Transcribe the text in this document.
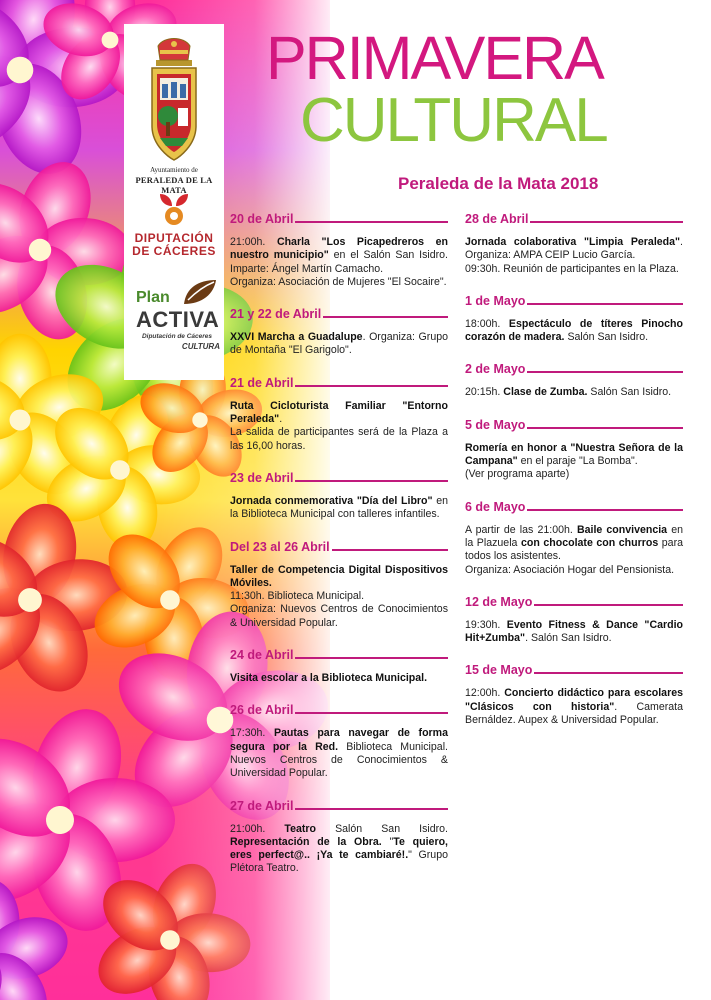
Ayuntamiento de
PERALEDA DE LA MATA
DIPUTACIÓN
DE CÁCERES
Plan
ACTIVA
Diputación de Cáceres
CULTURA
PRIMAVERA
CULTURAL
Peraleda de la Mata 2018
20 de Abril

21:00h. Charla "Los Picapedreros en nuestro municipio" en el Salón San Isidro. Imparte: Ángel Martín Camacho.

Organiza: Asociación de Mujeres "El Socaire".

21 y 22 de Abril

XXVI Marcha a Guadalupe. Organiza: Grupo de Montaña "El Garigolo".

21 de Abril

Ruta Cicloturista Familiar "Entorno Peraleda".

La salida de participantes será de la Plaza a las 16,00 horas.

23 de Abril

Jornada conmemorativa "Día del Libro" en la Biblioteca Municipal con talleres infantiles.

Del 23 al 26 Abril

Taller de Competencia Digital Dispositivos Móviles.

11:30h. Biblioteca Municipal.

Organiza: Nuevos Centros de Conocimientos & Universidad Popular.

24 de Abril

Visita escolar a la Biblioteca Municipal.

26 de Abril

17:30h. Pautas para navegar de forma segura por la Red. Biblioteca Municipal. Nuevos Centros de Conocimientos & Universidad Popular.

27 de Abril

21:00h. Teatro Salón San Isidro. Representación de la Obra. "Te quiero, eres perfect@.. ¡Ya te cambiaré!." Grupo Plétora Teatro.

28 de Abril

Jornada colaborativa "Limpia Peraleda". Organiza: AMPA CEIP Lucio García.

09:30h. Reunión de participantes en la Plaza.

1 de Mayo

18:00h. Espectáculo de títeres Pinocho corazón de madera. Salón San Isidro.

2 de Mayo

20:15h. Clase de Zumba. Salón San Isidro.

5 de Mayo

Romería en honor a "Nuestra Señora de la Campana" en el paraje "La Bomba".

(Ver programa aparte)

6 de Mayo

A partir de las 21:00h. Baile convivencia en la Plazuela con chocolate con churros para todos los asistentes.

Organiza: Asociación Hogar del Pensionista.

12 de Mayo

19:30h. Evento Fitness & Dance "Cardio Hit+Zumba". Salón San Isidro.

15 de Mayo

12:00h. Concierto didáctico para escolares "Clásicos con historia". Camerata Bernáldez. Aupex & Universidad Popular.
